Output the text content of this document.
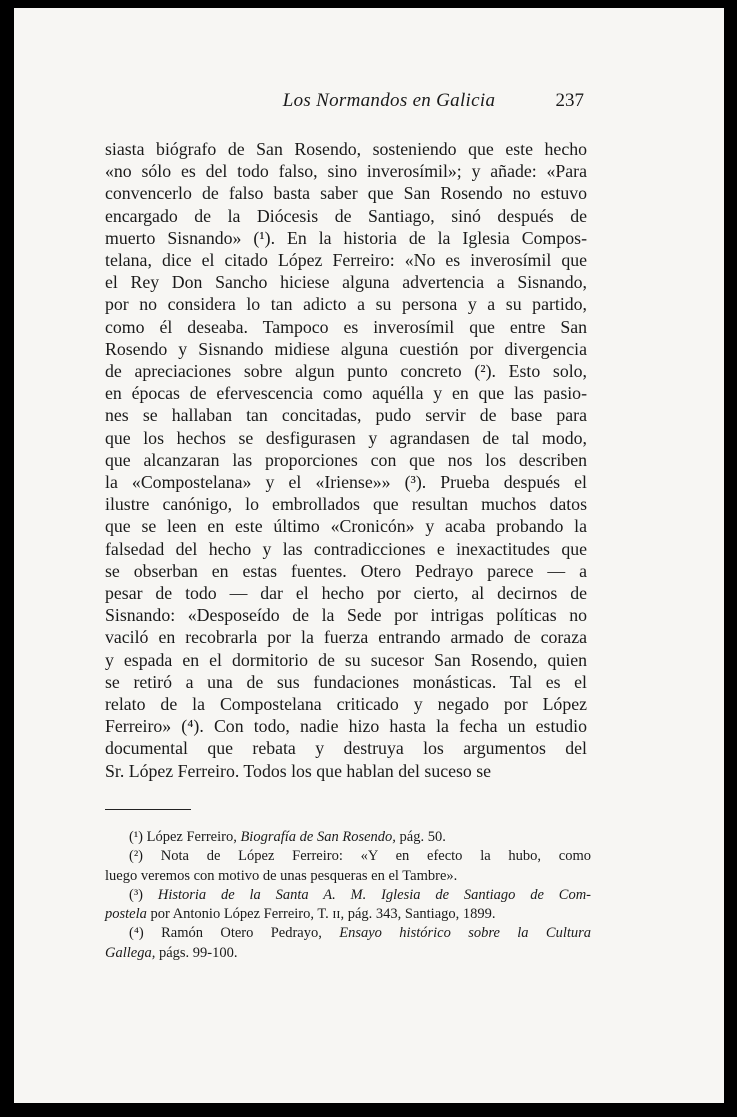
Los Normandos en Galicia	237
siasta biógrafo de San Rosendo, sosteniendo que este hecho
«no sólo es del todo falso, sino inverosímil»; y añade: «Para
convencerlo de falso basta saber que San Rosendo no estuvo
encargado de la Diócesis de Santiago, sinó después de
muerto Sisnando» (¹). En la historia de la Iglesia Compos-
telana, dice el citado López Ferreiro: «No es inverosímil que
el Rey Don Sancho hiciese alguna advertencia a Sisnando,
por no considera lo tan adicto a su persona y a su partido,
como él deseaba. Tampoco es inverosímil que entre San
Rosendo y Sisnando midiese alguna cuestión por divergencia
de apreciaciones sobre algun punto concreto (²). Esto solo,
en épocas de efervescencia como aquélla y en que las pasio-
nes se hallaban tan concitadas, pudo servir de base para
que los hechos se desfigurasen y agrandasen de tal modo,
que alcanzaran las proporciones con que nos los describen
la «Compostelana» y el «Iriense»» (³). Prueba después el
ilustre canónigo, lo embrollados que resultan muchos datos
que se leen en este último «Cronicón» y acaba probando la
falsedad del hecho y las contradicciones e inexactitudes que
se obserban en estas fuentes. Otero Pedrayo parece — a
pesar de todo — dar el hecho por cierto, al decirnos de
Sisnando: «Desposeído de la Sede por intrigas políticas no
vaciló en recobrarla por la fuerza entrando armado de coraza
y espada en el dormitorio de su sucesor San Rosendo, quien
se retiró a una de sus fundaciones monásticas. Tal es el
relato de la Compostelana criticado y negado por López
Ferreiro» (⁴). Con todo, nadie hizo hasta la fecha un estudio
documental que rebata y destruya los argumentos del
Sr. López Ferreiro. Todos los que hablan del suceso se
(¹) López Ferreiro, Biografía de San Rosendo, pág. 50.
(²) Nota de López Ferreiro: «Y en efecto la hubo, como
luego veremos con motivo de unas pesqueras en el Tambre».
(³) Historia de la Santa A. M. Iglesia de Santiago de Com-
postela por Antonio López Ferreiro, T. ɪɪ, pág. 343, Santiago, 1899.
(⁴) Ramón Otero Pedrayo, Ensayo histórico sobre la Cultura
Gallega, págs. 99-100.
